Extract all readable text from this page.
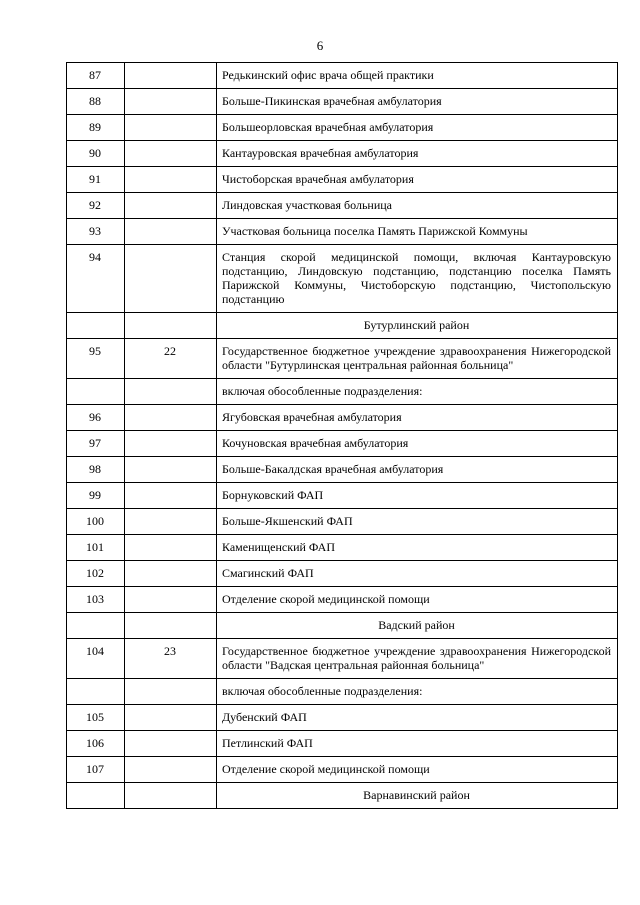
6
87		Редькинский офис врача общей практики
88		Больше-Пикинская врачебная амбулатория
89		Большеорловская врачебная амбулатория
90		Кантауровская врачебная амбулатория
91		Чистоборская врачебная амбулатория
92		Линдовская участковая больница
93		Участковая больница поселка Память Парижской Коммуны
94		Станция скорой медицинской помощи, включая Кантауровскую подстанцию, Линдовскую подстанцию, подстанцию поселка Память Парижской Коммуны, Чистоборскую подстанцию, Чистопольскую подстанцию
		Бутурлинский район
95	22	Государственное бюджетное учреждение здравоохранения Нижегородской области "Бутурлинская центральная районная больница"
		включая обособленные подразделения:
96		Ягубовская врачебная амбулатория
97		Кочуновская врачебная амбулатория
98		Больше-Бакалдская врачебная амбулатория
99		Борнуковский ФАП
100		Больше-Якшенский ФАП
101		Каменищенский ФАП
102		Смагинский ФАП
103		Отделение скорой медицинской помощи
		Вадский район
104	23	Государственное бюджетное учреждение здравоохранения Нижегородской области "Вадская центральная районная больница"
		включая обособленные подразделения:
105		Дубенский ФАП
106		Петлинский ФАП
107		Отделение скорой медицинской помощи
		Варнавинский район
